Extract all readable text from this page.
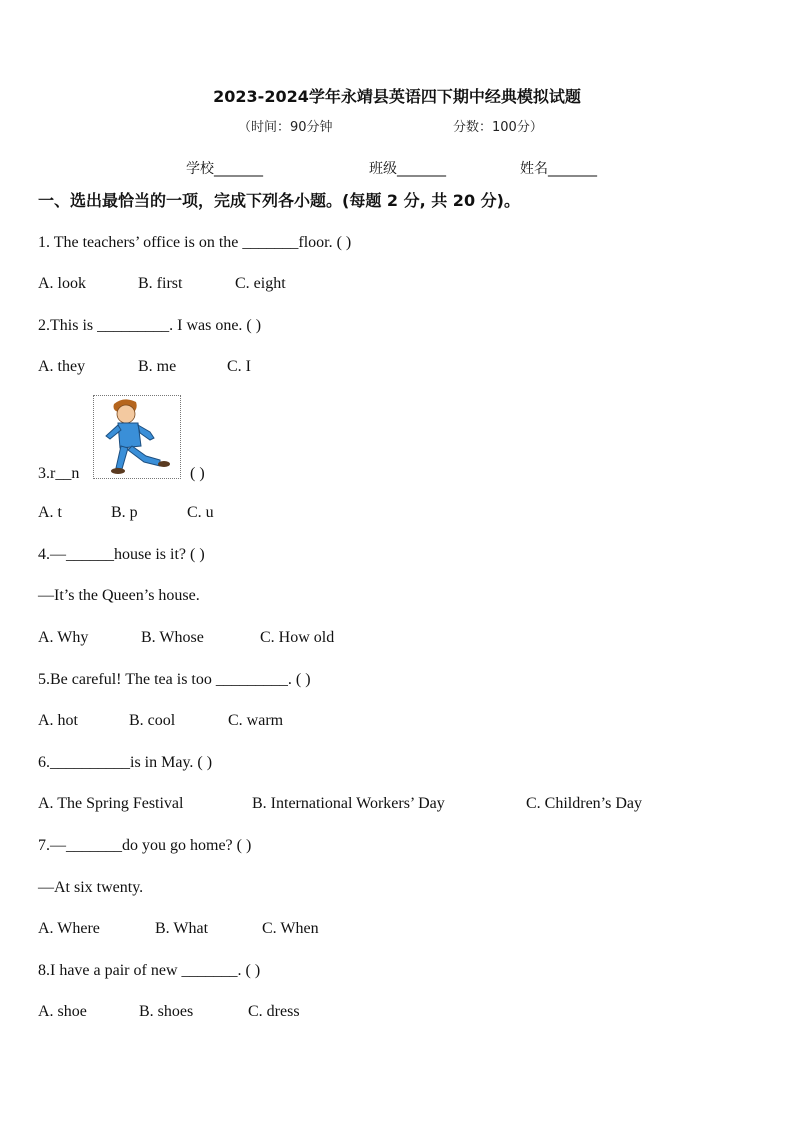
2023-2024学年永靖县英语四下期中经典模拟试题
（时间：90分钟	分数：100分）
学校_______	班级_______	姓名_______
一、选出最恰当的一项，完成下列各小题。(每题 2 分, 共 20 分)。
1. The teachers’ office is on the _______floor. ( )
A. look	B. first	C. eight
2.This is _________. I was one. ( )
A. they	B. me	C. I
3.r__n	( )
A. t	B. p	C. u
4.—______house is it? ( )
—It’s the Queen’s house.
A. Why	B. Whose	C. How old
5.Be careful! The tea is too _________. ( )
A. hot	B. cool	C. warm
6.__________is in May. ( )
A. The Spring Festival	B. International Workers’ Day	C. Children’s Day
7.—_______do you go home? ( )
—At six twenty.
A. Where	B. What	C. When
8.I have a pair of new _______. ( )
A. shoe	B. shoes	C. dress
